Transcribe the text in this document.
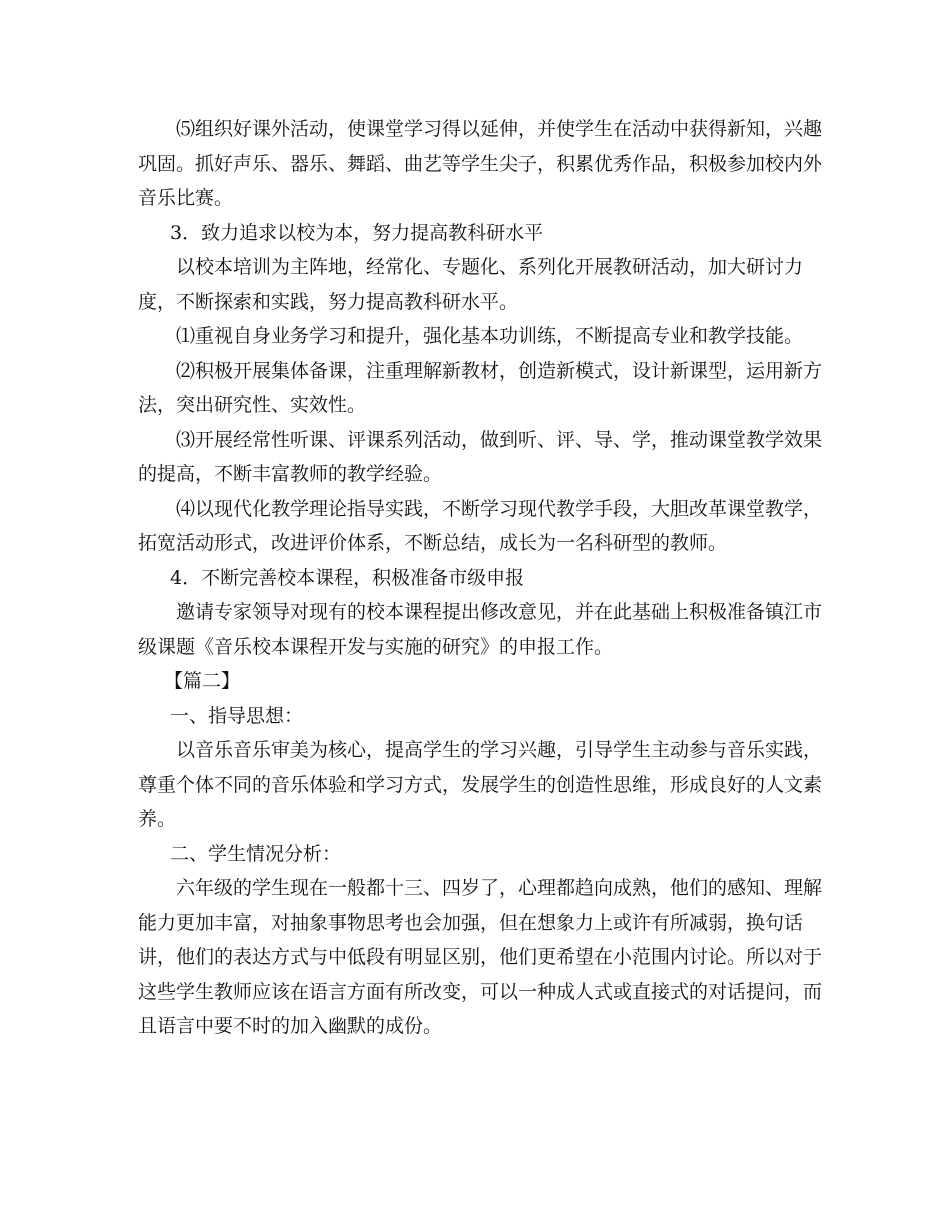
⑸组织好课外活动，使课堂学习得以延伸，并使学生在活动中获得新知，兴趣
巩固。抓好声乐、器乐、舞蹈、曲艺等学生尖子，积累优秀作品，积极参加校内外
音乐比赛。

3．致力追求以校为本，努力提高教科研水平

以校本培训为主阵地，经常化、专题化、系列化开展教研活动，加大研讨力
度，不断探索和实践，努力提高教科研水平。

⑴重视自身业务学习和提升，强化基本功训练，不断提高专业和教学技能。

⑵积极开展集体备课，注重理解新教材，创造新模式，设计新课型，运用新方
法，突出研究性、实效性。

⑶开展经常性听课、评课系列活动，做到听、评、导、学，推动课堂教学效果
的提高，不断丰富教师的教学经验。

⑷以现代化教学理论指导实践，不断学习现代教学手段，大胆改革课堂教学，
拓宽活动形式，改进评价体系，不断总结，成长为一名科研型的教师。

4．不断完善校本课程，积极准备市级申报

邀请专家领导对现有的校本课程提出修改意见，并在此基础上积极准备镇江市
级课题《音乐校本课程开发与实施的研究》的申报工作。

【篇二】

一、指导思想：

以音乐音乐审美为核心，提高学生的学习兴趣，引导学生主动参与音乐实践，
尊重个体不同的音乐体验和学习方式，发展学生的创造性思维，形成良好的人文素
养。

二、学生情况分析：

六年级的学生现在一般都十三、四岁了，心理都趋向成熟，他们的感知、理解
能力更加丰富，对抽象事物思考也会加强，但在想象力上或许有所减弱，换句话
讲，他们的表达方式与中低段有明显区别，他们更希望在小范围内讨论。所以对于
这些学生教师应该在语言方面有所改变，可以一种成人式或直接式的对话提问，而
且语言中要不时的加入幽默的成份。
